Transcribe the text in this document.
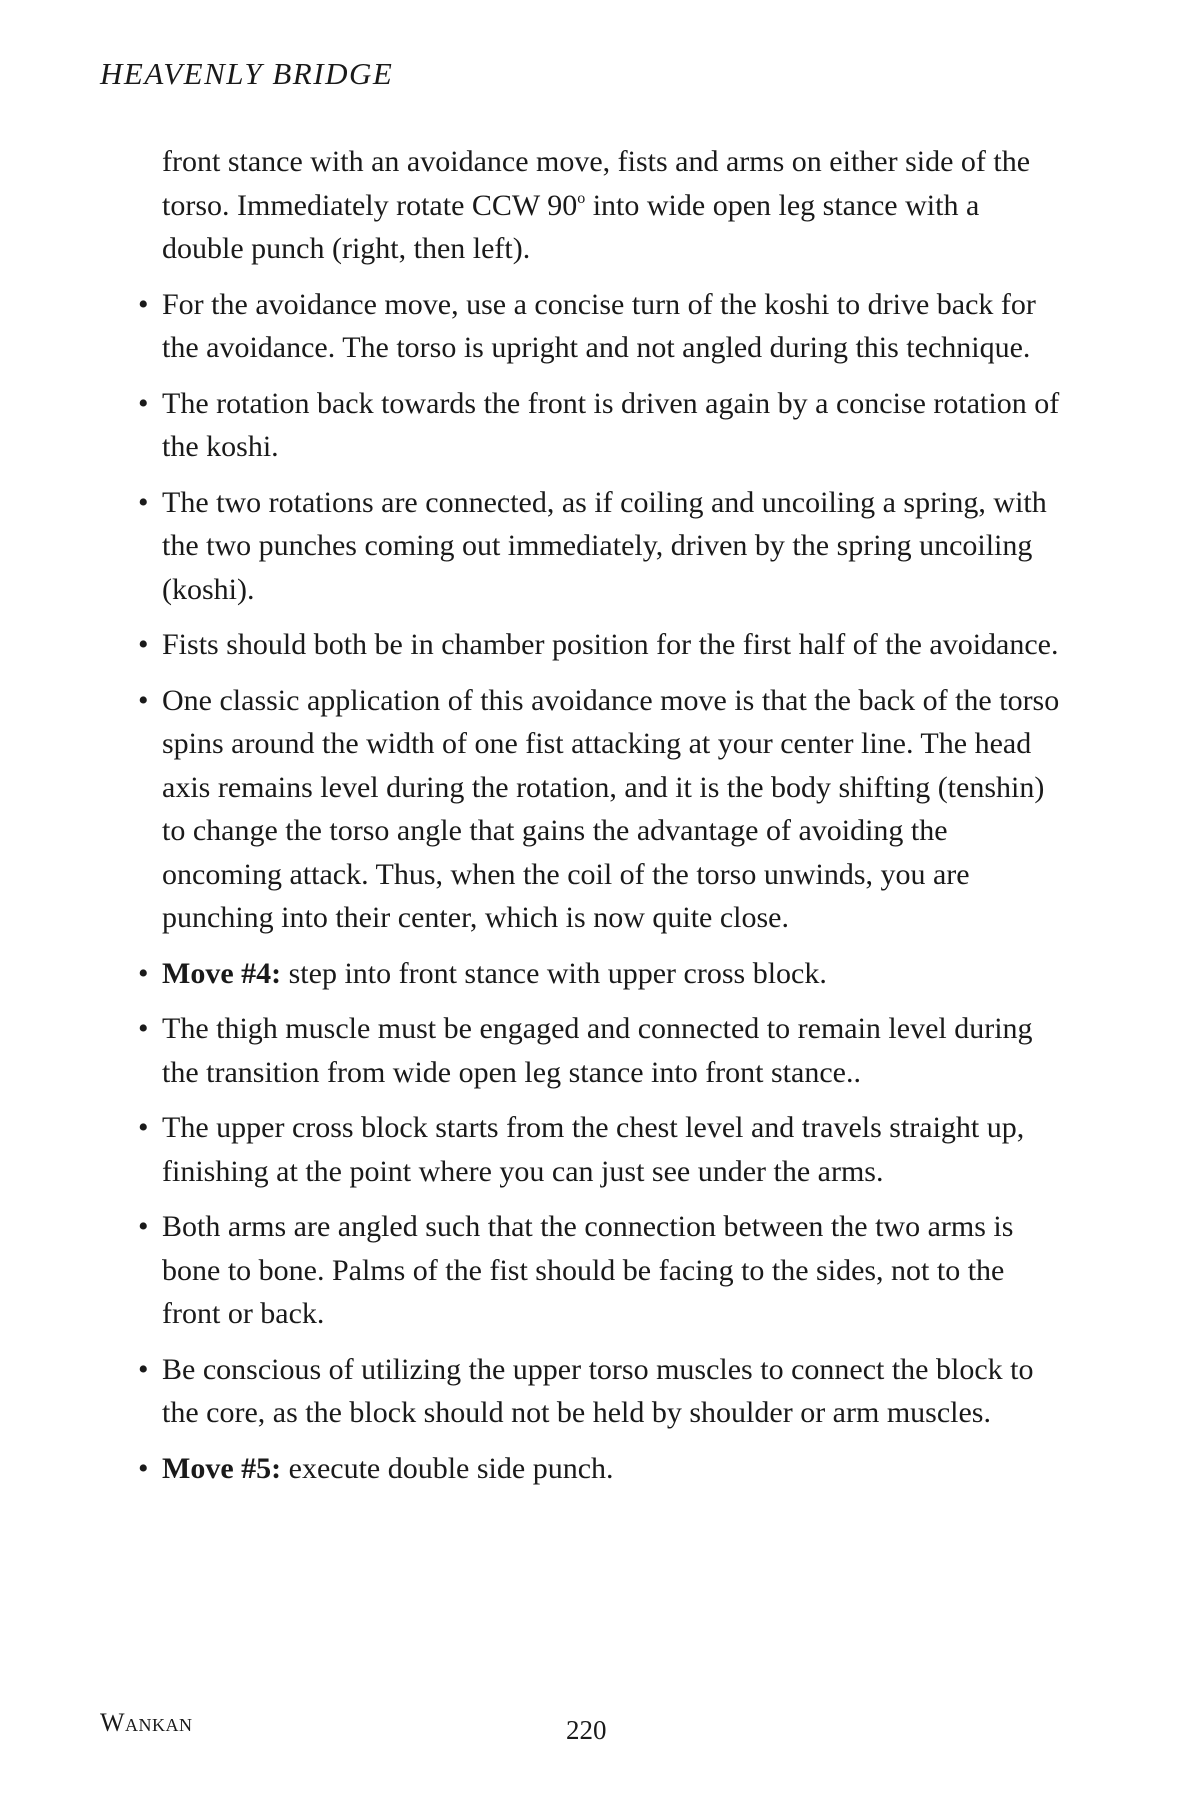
HEAVENLY BRIDGE

front stance with an avoidance move, fists and arms on either side of the torso. Immediately rotate CCW 90$^o$ into wide open leg stance with a double punch (right, then left).

• For the avoidance move, use a concise turn of the koshi to drive back for the avoidance. The torso is upright and not angled during this technique.
• The rotation back towards the front is driven again by a concise rotation of the koshi.
• The two rotations are connected, as if coiling and uncoiling a spring, with the two punches coming out immediately, driven by the spring uncoiling (koshi).
• Fists should both be in chamber position for the first half of the avoidance.
• One classic application of this avoidance move is that the back of the torso spins around the width of one fist attacking at your center line. The head axis remains level during the rotation, and it is the body shifting (tenshin) to change the torso angle that gains the advantage of avoiding the oncoming attack. Thus, when the coil of the torso unwinds, you are punching into their center, which is now quite close.
• Move #4: step into front stance with upper cross block.
• The thigh muscle must be engaged and connected to remain level during the transition from wide open leg stance into front stance..
• The upper cross block starts from the chest level and travels straight up, finishing at the point where you can just see under the arms.
• Both arms are angled such that the connection between the two arms is bone to bone. Palms of the fist should be facing to the sides, not to the front or back.
• Be conscious of utilizing the upper torso muscles to connect the block to the core, as the block should not be held by shoulder or arm muscles.
• Move #5: execute double side punch.
Wankan	220
